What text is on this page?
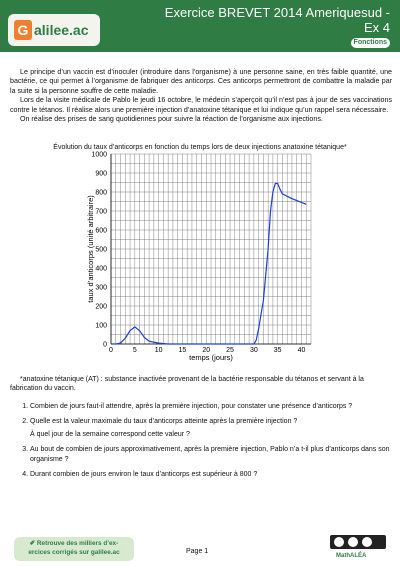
G alilee.ac
Exercice BREVET 2014 Ameriquesud -
Ex 4
Fonctions

Le principe d’un vaccin est d’inoculer (introduire dans l’organisme) à une personne saine, en très faible quantité, une bactérie, ce qui permet à l’organisme de fabriquer des anticorps. Ces anticorps permettront de combattre la maladie par la suite si la personne souffre de cette maladie.

Lors de la visite médicale de Pablo le jeudi 16 octobre, le médecin s’aperçoit qu’il n’est pas à jour de ses vaccinations contre le tétanos. Il réalise alors une première injection d’anatoxine tétanique et lui indique qu’un rappel sera nécessaire.

On réalise des prises de sang quotidiennes pour suivre la réaction de l’organisme aux injections.

Évolution du taux d’anticorps en fonction du temps lors de deux injections anatoxine tétanique*
0	5	10 15 20 25 30 35 40
0
100
200
300
400
500
600
700
800
900
1000
temps (jours)
taux d’anticorps (unité arbitraire)
*anatoxine tétanique (AT) : substance inactivée provenant de la bactérie responsable du tétanos et servant à la fabrication du vaccin.
1. Combien de jours faut-il attendre, après la première injection, pour constater une présence d’anticorps ?
2. Quelle est la valeur maximale du taux d’anticorps atteinte après la première injection ?
À quel jour de la semaine correspond cette valeur ?
3. Au bout de combien de jours approximativement, après la première injection, Pablo n’a t-il plus d’anticorps dans son organisme ?
4. Durant combien de jours environ le taux d’anticorps est supérieur à 800 ?
✐ Retrouve des milliers d’ex-
ercices corrigés sur galilee.ac	Page 1
MathALÉA
